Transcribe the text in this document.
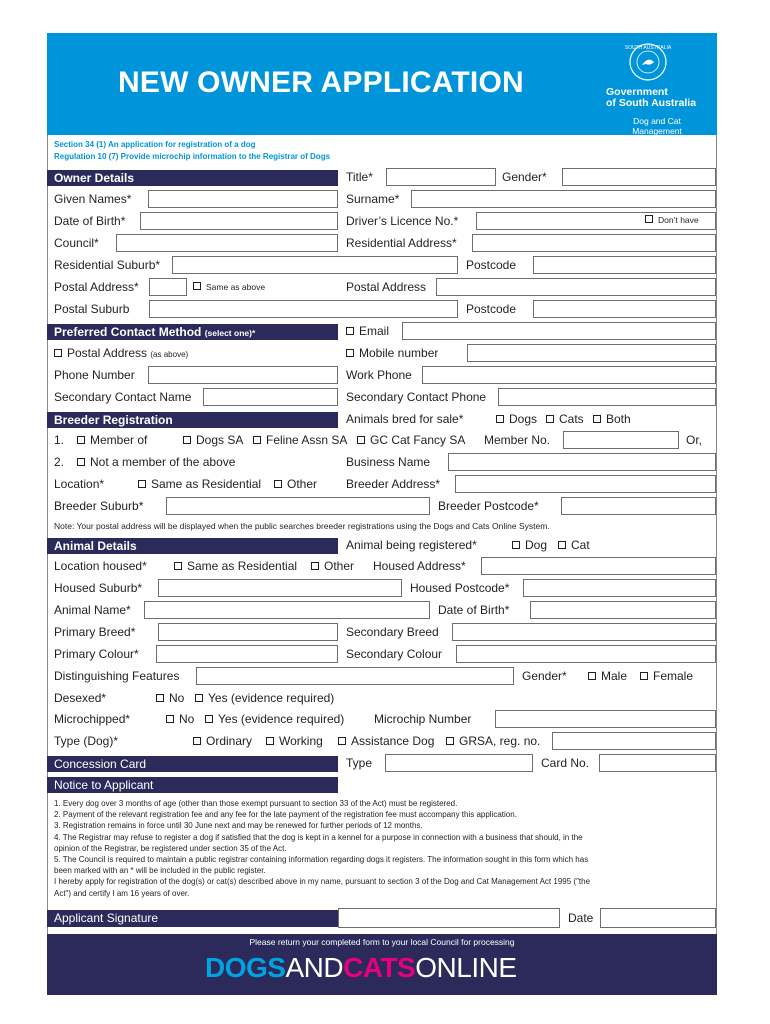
NEW OWNER APPLICATION
SOUTH AUSTRALIA
Government
of South Australia
Dog and Cat
Management Board
Section 34 (1) An application for registration of a dog
Regulation 10 (7) Provide microchip information to the Registrar of Dogs
Owner Details	Title*	Gender*
Given Names*	Surname*
Date of Birth*	Driver’s Licence No.*	Don’t have
Council*	Residential Address*
Residential Suburb*	Postcode
Postal Address*	Same as above	Postal Address
Postal Suburb	Postcode
Preferred Contact Method (select one)*	Email
Postal Address (as above)	Mobile number
Phone Number	Work Phone
Secondary Contact Name	Secondary Contact Phone
Breeder Registration	Animals bred for sale*	Dogs	Cats	Both
1.	Member of	Dogs SA	Feline Assn SA	GC Cat Fancy SA Member No.	Or,
2.	Not a member of the above	Business Name
Location*	Same as Residential	Other Breeder Address*
Breeder Suburb*	Breeder Postcode*
Note: Your postal address will be displayed when the public searches breeder registrations using the Dogs and Cats Online System.
Animal Details	Animal being registered*	Dog	Cat
Location housed*	Same as Residential	Other Housed Address*
Housed Suburb*	Housed Postcode*
Animal Name*	Date of Birth*
Primary Breed*	Secondary Breed
Primary Colour*	Secondary Colour
Distinguishing Features	Gender*	Male	Female
Desexed*	No	Yes (evidence required)
Microchipped*	No	Yes (evidence required) Microchip Number
Type (Dog)*	Ordinary	Working	Assistance Dog	GRSA, reg. no.
Concession Card	Type	Card No.
Notice to Applicant
1. Every dog over 3 months of age (other than those exempt pursuant to section 33 of the Act) must be registered.
2. Payment of the relevant registration fee and any fee for the late payment of the registration fee must accompany this application.
3. Registration remains in force until 30 June next and may be renewed for further periods of 12 months.
4. The Registrar may refuse to register a dog if satisfied that the dog is kept in a kennel for a purpose in connection with a business that should, in the
opinion of the Registrar, be registered under section 35 of the Act.
5. The Council is required to maintain a public registrar containing information regarding dogs it registers. The information sought in this form which has
been marked with an * will be included in the public register.
I hereby apply for registration of the dog(s) or cat(s) described above in my name, pursuant to section 3 of the Dog and Cat Management Act 1995 ("the
Act") and certify I am 16 years of over.
Applicant Signature	Date
Please return your completed form to your local Council for processing
DOGSANDCATSONLINE
